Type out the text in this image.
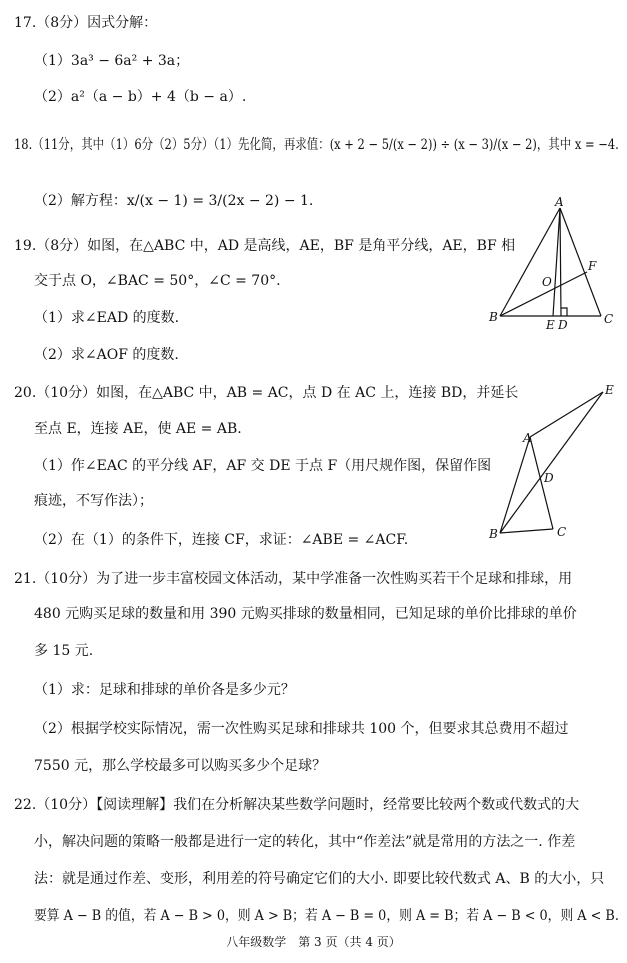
17.（8分）因式分解：
（1）3a³ − 6a² + 3a；
（2）a²（a − b）+ 4（b − a）.
18.（11分，其中（1）6分（2）5分）（1）先化简，再求值：(x + 2 − 5/(x − 2)) ÷ (x − 3)/(x − 2)，其中 x = −4.
（2）解方程：x/(x − 1) = 3/(2x − 2) − 1.
19.（8分）如图，在△ABC 中，AD 是高线，AE，BF 是角平分线，AE，BF 相
交于点 O，∠BAC = 50°，∠C = 70°.
（1）求∠EAD 的度数.
（2）求∠AOF 的度数.
A
B	C
D
E
F
O
20.（10分）如图，在△ABC 中，AB = AC，点 D 在 AC 上，连接 BD，并延长
至点 E，连接 AE，使 AE = AB.
（1）作∠EAC 的平分线 AF，AF 交 DE 于点 F（用尺规作图，保留作图
痕迹，不写作法）；
（2）在（1）的条件下，连接 CF，求证：∠ABE = ∠ACF.
A
B	C
D
E
21.（10分）为了进一步丰富校园文体活动，某中学准备一次性购买若干个足球和排球，用
480 元购买足球的数量和用 390 元购买排球的数量相同，已知足球的单价比排球的单价
多 15 元.
（1）求：足球和排球的单价各是多少元？
（2）根据学校实际情况，需一次性购买足球和排球共 100 个，但要求其总费用不超过
7550 元，那么学校最多可以购买多少个足球？
22.（10分）【阅读理解】我们在分析解决某些数学问题时，经常要比较两个数或代数式的大
小，解决问题的策略一般都是进行一定的转化，其中“作差法”就是常用的方法之一. 作差
法：就是通过作差、变形，利用差的符号确定它们的大小. 即要比较代数式 A、B 的大小，只
要算 A − B 的值，若 A − B > 0，则 A > B；若 A − B = 0，则 A = B；若 A − B < 0，则 A < B.
八年级数学　第 3 页（共 4 页）
